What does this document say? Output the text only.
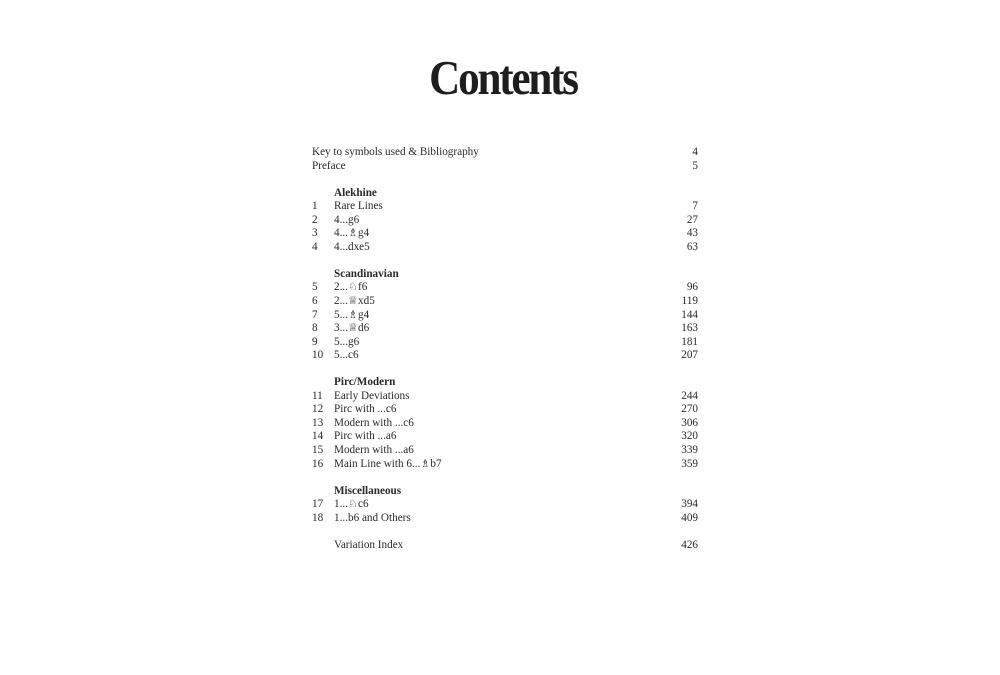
Contents
Key to symbols used & Bibliography	4
Preface	5
Alekhine
1 Rare Lines	7
2 4...g6	27
3 4...♗g4	43
4 4...dxe5	63
Scandinavian
5 2...♘f6	96
6 2...♕xd5	119
7 5...♗g4	144
8 3...♕d6	163
9 5...g6	181
10 5...c6	207
Pirc/Modern
11 Early Deviations	244
12 Pirc with ...c6	270
13 Modern with ...c6	306
14 Pirc with ...a6	320
15 Modern with ...a6	339
16 Main Line with 6...♗b7	359
Miscellaneous
17 1...♘c6	394
18 1...b6 and Others	409
Variation Index	426
